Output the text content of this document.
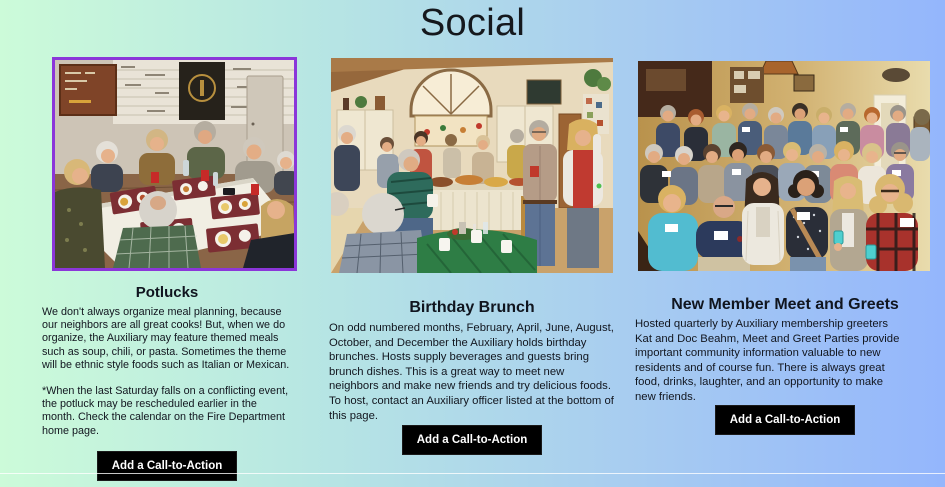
Social
Potlucks

We don't always organize meal planning, because our neighbors are all great cooks! But, when we do organize, the Auxiliary may feature themed meals such as soup, chili, or pasta. Sometimes the theme will be ethnic style foods such as Italian or Mexican.

*When the last Saturday falls on a conflicting event, the potluck may be rescheduled earlier in the month. Check the calendar on the Fire Department home page.

Add a Call-to-Action
Birthday Brunch

On odd numbered months, February, April, June, August, October, and December the Auxiliary holds birthday brunches. Hosts supply beverages and guests bring brunch dishes. This is a great way to meet new neighbors and make new friends and try delicious foods. To host, contact an Auxiliary officer listed at the bottom of this page.

Add a Call-to-Action
New Member Meet and Greets

Hosted quarterly by Auxiliary membership greeters Kat and Doc Beahm, Meet and Greet Parties provide important community information valuable to new residents and of course fun. There is always great food, drinks, laughter, and an opportunity to make new friends.

Add a Call-to-Action
